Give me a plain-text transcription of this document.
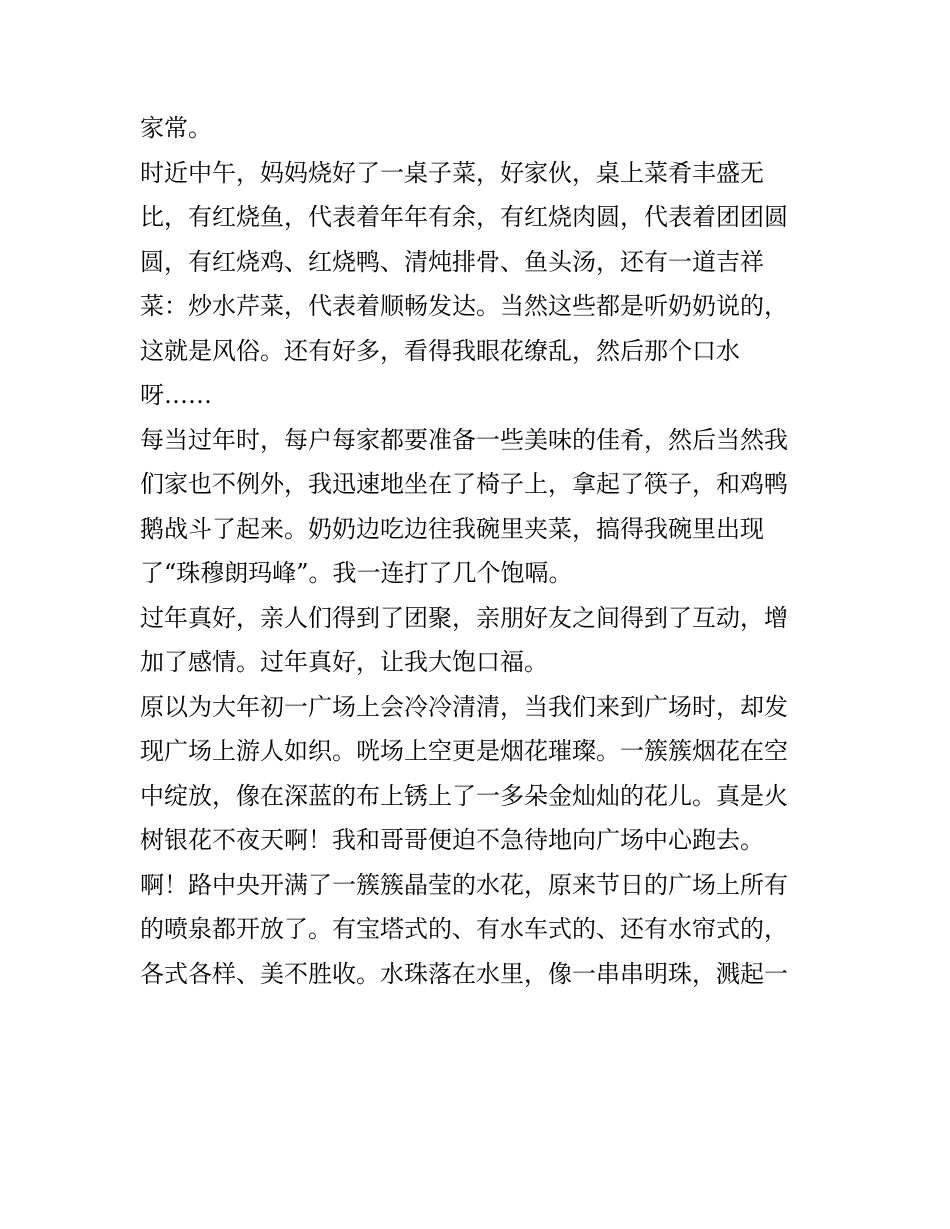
家常。
时近中午，妈妈烧好了一桌子菜，好家伙，桌上菜肴丰盛无
比，有红烧鱼，代表着年年有余，有红烧肉圆，代表着团团圆
圆，有红烧鸡、红烧鸭、清炖排骨、鱼头汤，还有一道吉祥
菜：炒水芹菜，代表着顺畅发达。当然这些都是听奶奶说的，
这就是风俗。还有好多，看得我眼花缭乱，然后那个口水
呀……
每当过年时，每户每家都要准备一些美味的佳肴，然后当然我
们家也不例外，我迅速地坐在了椅子上，拿起了筷子，和鸡鸭
鹅战斗了起来。奶奶边吃边往我碗里夹菜，搞得我碗里出现
了“珠穆朗玛峰”。我一连打了几个饱嗝。
过年真好，亲人们得到了团聚，亲朋好友之间得到了互动，增
加了感情。过年真好，让我大饱口福。
原以为大年初一广场上会冷冷清清，当我们来到广场时，却发
现广场上游人如织。咣场上空更是烟花璀璨。一簇簇烟花在空
中绽放，像在深蓝的布上锈上了一多朵金灿灿的花儿。真是火
树银花不夜天啊！我和哥哥便迫不急待地向广场中心跑去。
啊！路中央开满了一簇簇晶莹的水花，原来节日的广场上所有
的喷泉都开放了。有宝塔式的、有水车式的、还有水帘式的，
各式各样、美不胜收。水珠落在水里，像一串串明珠，溅起一
